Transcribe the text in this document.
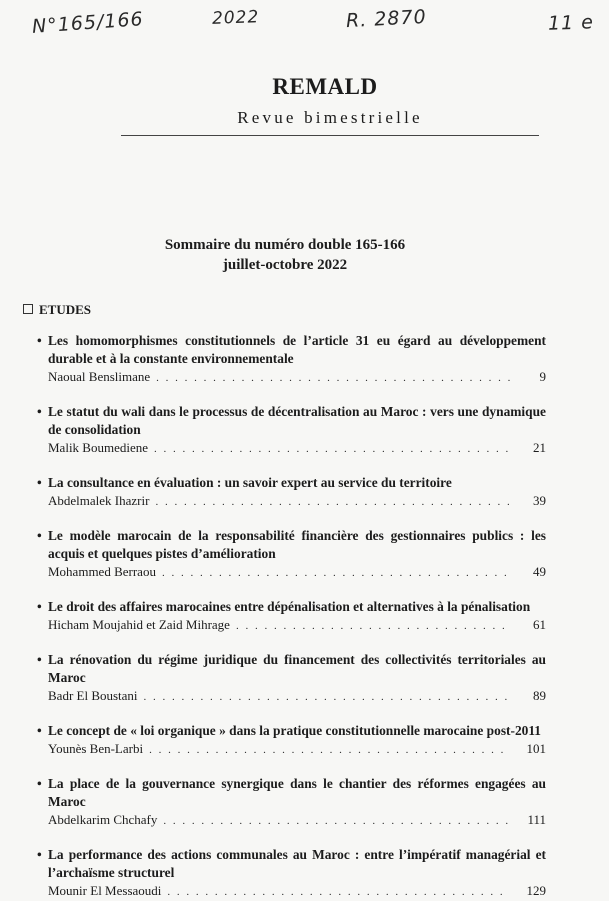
N°165/166	2022	R. 2870	11 e
REMALD
Revue bimestrielle
Sommaire du numéro double 165-166
juillet-octobre 2022
ETUDES
• Les homomorphismes constitutionnels de l’article 31 eu égard au développement durable et à la constante environnementale
Naoual Benslimane . . .	9
• Le statut du wali dans le processus de décentralisation au Maroc : vers une dynamique de consolidation
Malik Boumediene . . .	21
• La consultance en évaluation : un savoir expert au service du territoire
Abdelmalek Ihazrir . . .	39
• Le modèle marocain de la responsabilité financière des gestionnaires publics : les acquis et quelques pistes d’amélioration
Mohammed Berraou . . .	49
• Le droit des affaires marocaines entre dépénalisation et alternatives à la pénalisation
Hicham Moujahid et Zaid Mihrage . . .	61
• La rénovation du régime juridique du financement des collectivités territoriales au Maroc
Badr El Boustani . . .	89
• Le concept de « loi organique » dans la pratique constitutionnelle marocaine post-2011
Younès Ben-Larbi . . .	101
• La place de la gouvernance synergique dans le chantier des réformes engagées au Maroc
Abdelkarim Chchafy . . .	111
• La performance des actions communales au Maroc : entre l’impératif managérial et l’archaïsme structurel
Mounir El Messaoudi . . .	129
